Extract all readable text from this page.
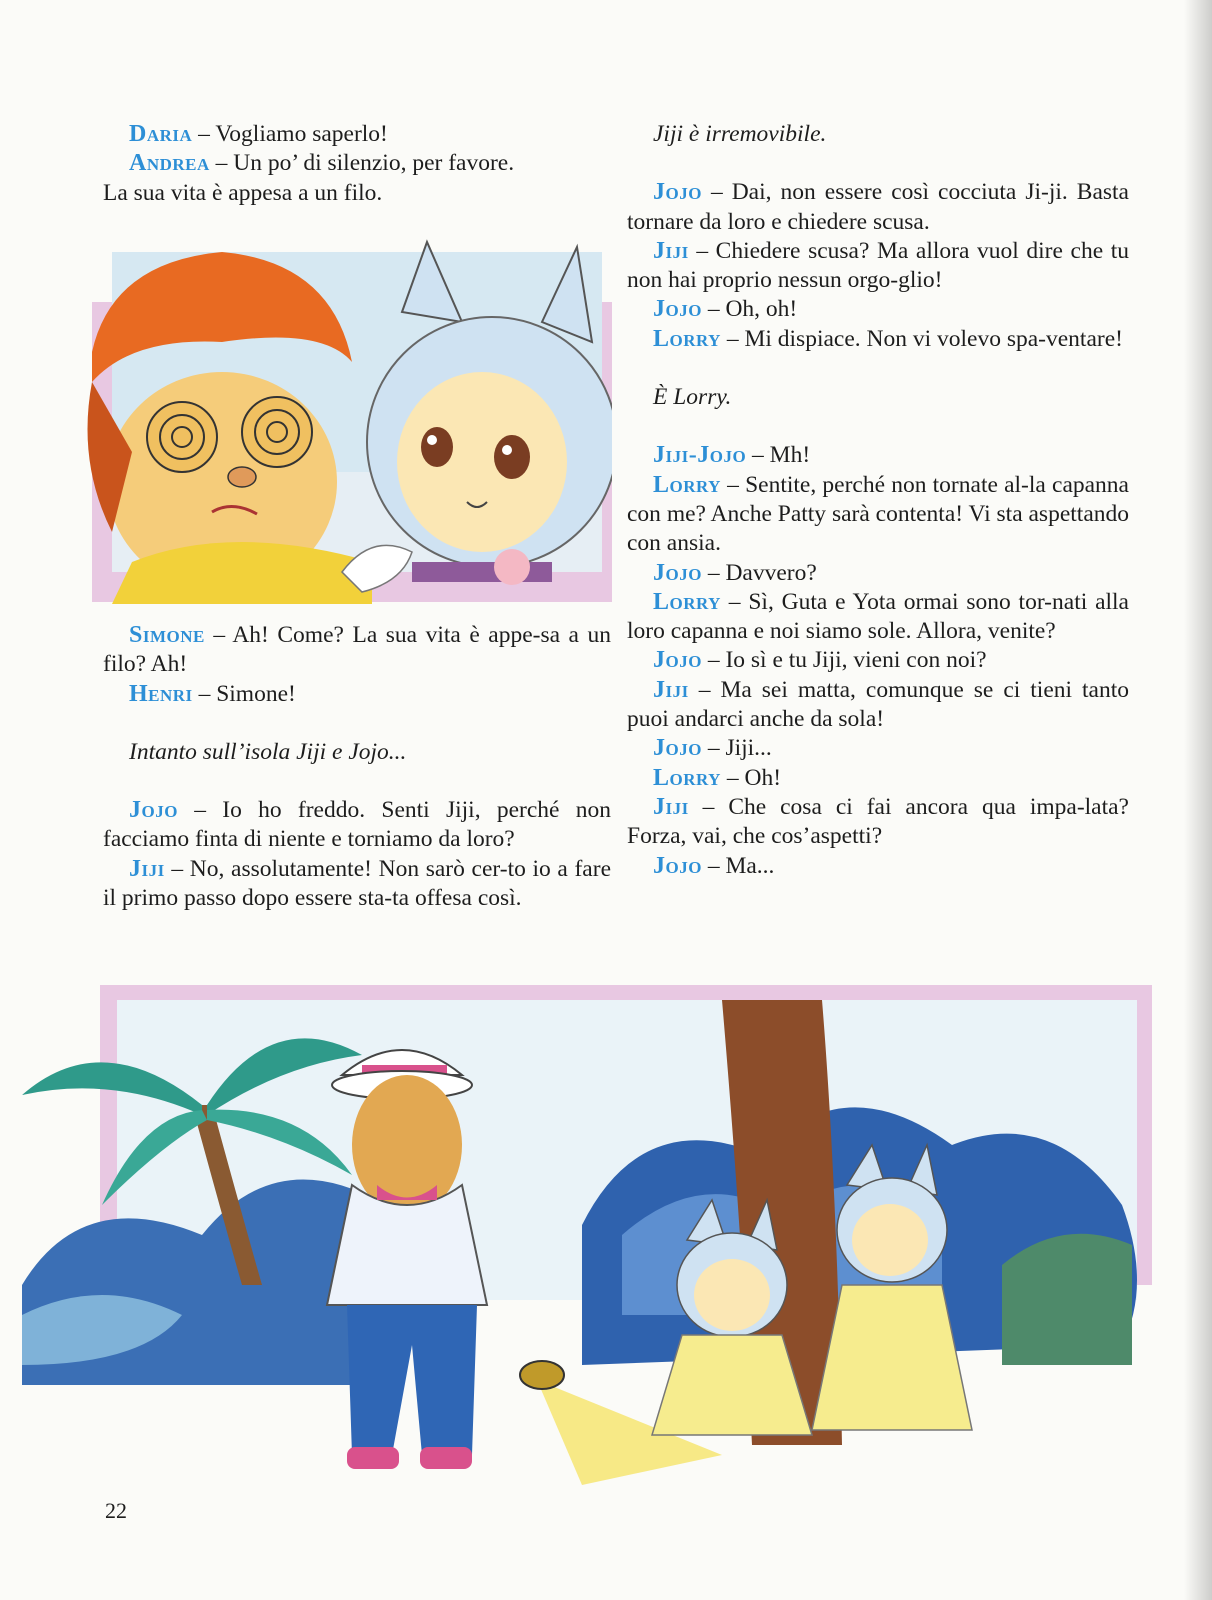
Daria – Vogliamo saperlo!

Andrea – Un po’ di silenzio, per favore.

La sua vita è appesa a un filo.

Simone – Ah! Come? La sua vita è appe-sa a un filo? Ah!

Henri – Simone!

Intanto sull’isola Jiji e Jojo...

Jojo – Io ho freddo. Senti Jiji, perché non facciamo finta di niente e torniamo da loro?

Jiji – No, assolutamente! Non sarò cer-to io a fare il primo passo dopo essere sta-ta offesa così.

Jiji è irremovibile.

Jojo – Dai, non essere così cocciuta Ji-ji. Basta tornare da loro e chiedere scusa.

Jiji – Chiedere scusa? Ma allora vuol dire che tu non hai proprio nessun orgo-glio!

Jojo – Oh, oh!

Lorry – Mi dispiace. Non vi volevo spa-ventare!

È Lorry.

Jiji-Jojo – Mh!

Lorry – Sentite, perché non tornate al-la capanna con me? Anche Patty sarà contenta! Vi sta aspettando con ansia.

Jojo – Davvero?

Lorry – Sì, Guta e Yota ormai sono tor-nati alla loro capanna e noi siamo sole. Allora, venite?

Jojo – Io sì e tu Jiji, vieni con noi?

Jiji – Ma sei matta, comunque se ci tieni tanto puoi andarci anche da sola!

Jojo – Jiji...

Lorry – Oh!

Jiji – Che cosa ci fai ancora qua impa-lata? Forza, vai, che cos’aspetti?

Jojo – Ma...

22
